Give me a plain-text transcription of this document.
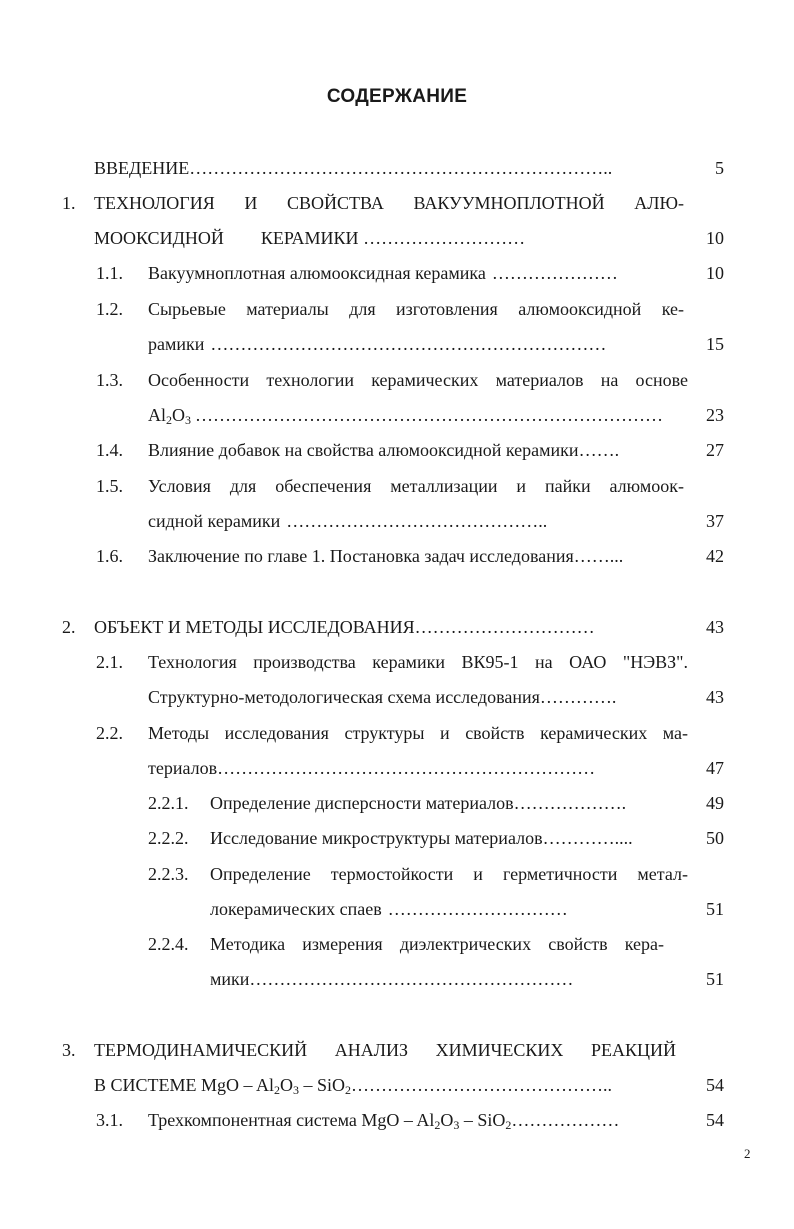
СОДЕРЖАНИЕ
ВВЕДЕНИЕ ……………………………………………………………..	5
1. ТЕХНОЛОГИЯ И СВОЙСТВА ВАКУУМНОПЛОТНОЙ АЛЮ-
МООКСИДНОЙ КЕРАМИКИ ………………………	10
1.1. Вакуумноплотная алюмооксидная керамика …………………	10
1.2. Сырьевые материалы для изготовления алюмооксидной ке-
рамики …………………………………………………………	15
1.3. Особенности технологии керамических материалов на основе
$Al_2O_3$ ……………………………………………………………………	23
1.4. Влияние добавок на свойства алюмооксидной керамики …….	27
1.5. Условия для обеспечения металлизации и пайки алюмоок-
сидной керамики ……………………………………..	37
1.6. Заключение по главе 1. Постановка задач исследования ……...	42
2. ОБЪЕКТ И МЕТОДЫ ИССЛЕДОВАНИЯ …………………………	43
2.1. Технология производства керамики ВК95-1 на ОАО "НЭВЗ".
Структурно-методологическая схема исследования ………….	43
2.2. Методы исследования структуры и свойств керамических ма-
териалов ………………………………………………………	47
2.2.1. Определение дисперсности материалов ……………….	49
2.2.2. Исследование микроструктуры материалов …………....	50
2.2.3. Определение термостойкости и герметичности метал-
локерамических спаев …………………………	51
2.2.4. Методика измерения диэлектрических свойств кера-
мики ………………………………………………	51
3. ТЕРМОДИНАМИЧЕСКИЙ АНАЛИЗ ХИМИЧЕСКИХ РЕАКЦИЙ
В СИСТЕМЕ MgO – $Al_2O_3 - SiO_2$ ……………………………………..	54
3.1. Трехкомпонентная система MgO – $Al_2O_3 - SiO_2$ ………………	54
2
